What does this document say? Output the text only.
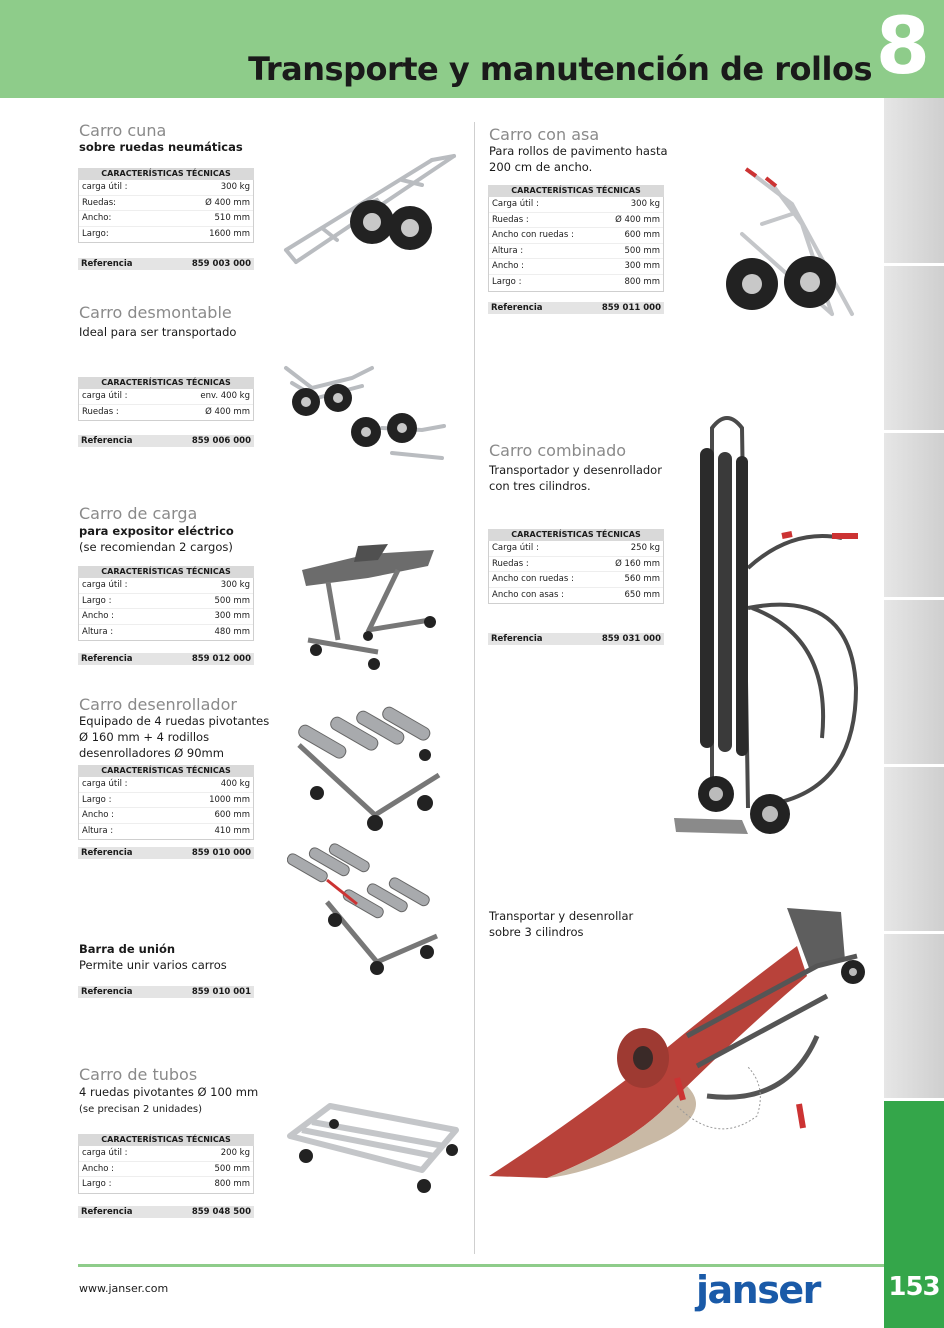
Transporte y manutención de rollos 8
153
Carro cuna
sobre ruedas neumáticas
CARACTERÍSTICAS TÉCNICAS
carga útil :	300 kg
Ruedas:	Ø 400 mm
Ancho:	510 mm
Largo:	1600 mm
Referencia	859 003 000
Carro desmontable
Ideal para ser transportado
CARACTERÍSTICAS TÉCNICAS
carga útil :	env. 400 kg
Ruedas :	Ø 400 mm
Referencia	859 006 000
Carro de carga
para expositor eléctrico
(se recomiendan 2 cargos)
CARACTERÍSTICAS TÉCNICAS
carga útil :	300 kg
Largo :	500 mm
Ancho :	300 mm
Altura :	480 mm
Referencia	859 012 000
Carro desenrollador
Equipado de 4 ruedas pivotantes
Ø 160 mm + 4 rodillos
desenrolladores Ø 90mm
CARACTERÍSTICAS TÉCNICAS
carga útil :	400 kg
Largo :	1000 mm
Ancho :	600 mm
Altura :	410 mm
Referencia	859 010 000
Barra de unión
Permite unir varios carros
Referencia	859 010 001
Carro de tubos
4 ruedas pivotantes Ø 100 mm
(se precisan 2 unidades)
CARACTERÍSTICAS TÉCNICAS
carga útil :	200 kg
Ancho :	500 mm
Largo :	800 mm
Referencia	859 048 500
Carro con asa
Para rollos de pavimento hasta
200 cm de ancho.
CARACTERÍSTICAS TÉCNICAS
Carga útil :	300 kg
Ruedas :	Ø 400 mm
Ancho con ruedas :	600 mm
Altura :	500 mm
Ancho :	300 mm
Largo :	800 mm
Referencia	859 011 000
Carro combinado
Transportador y desenrollador
con tres cilindros.
CARACTERÍSTICAS TÉCNICAS
Carga útil :	250 kg
Ruedas :	Ø 160 mm
Ancho con ruedas :	560 mm
Ancho con asas :	650 mm
Referencia	859 031 000
Transportar y desenrollar
sobre 3 cilindros
www.janser.com	janser
